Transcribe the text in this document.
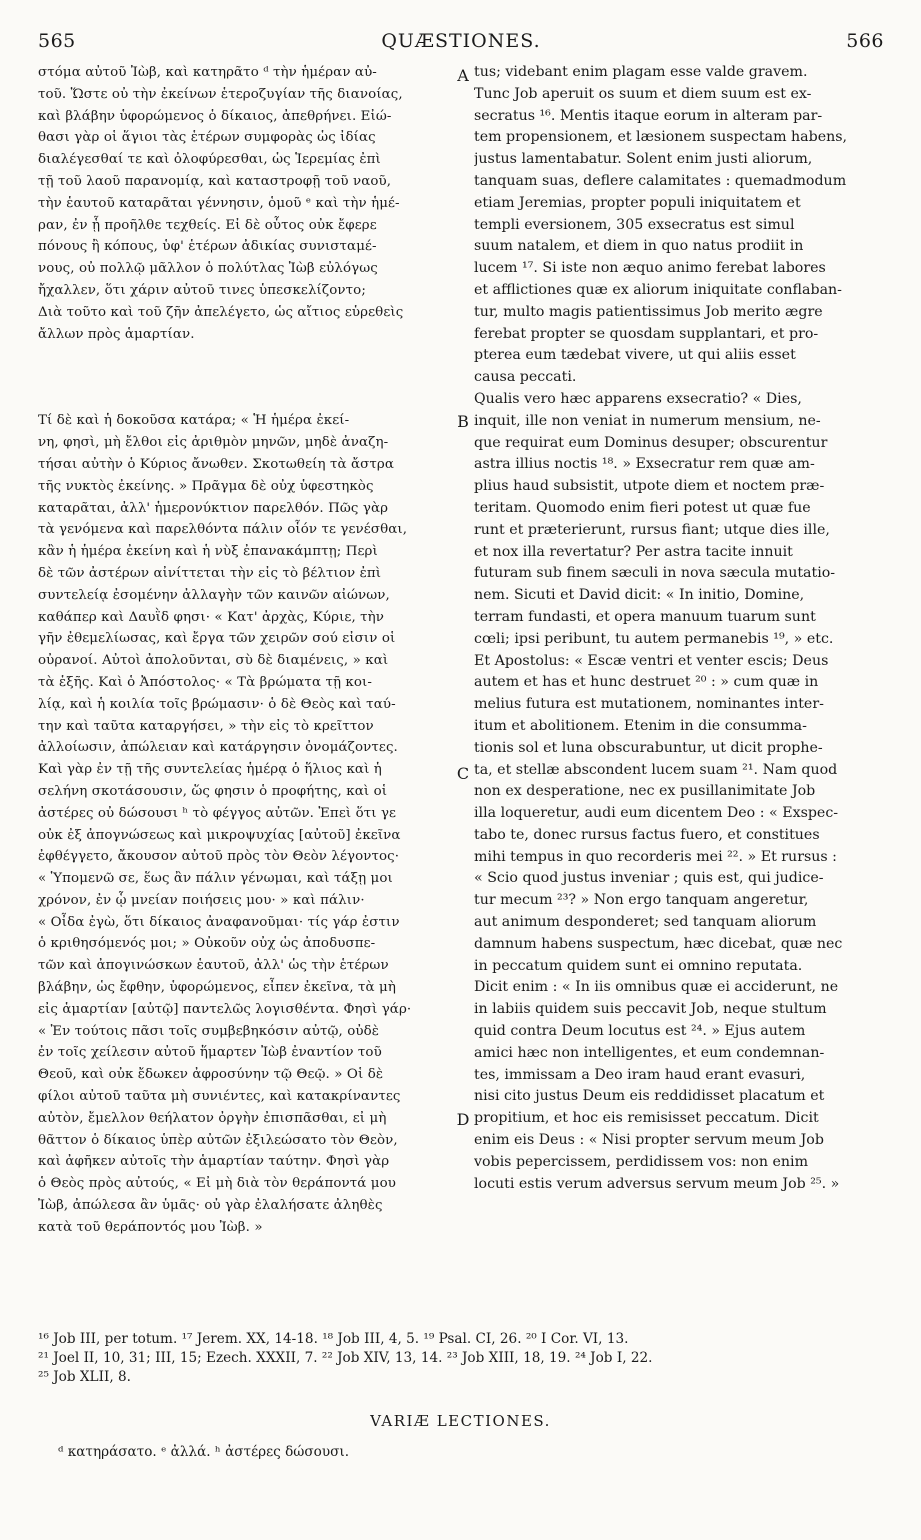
565	QUÆSTIONES.	566
στόμα αὐτοῦ Ἰὼβ, καὶ κατηρᾶτο ᵈ τὴν ἡμέραν αὐ-
τοῦ. Ὥστε οὐ τὴν ἐκείνων ἑτεροζυγίαν τῆς διανοίας,
καὶ βλάβην ὑφορώμενος ὁ δίκαιος, ἀπεθρήνει. Εἰώ-
θασι γὰρ οἱ ἅγιοι τὰς ἑτέρων συμφορὰς ὡς ἰδίας
διαλέγεσθαί τε καὶ ὀλοφύρεσθαι, ὡς Ἱερεμίας ἐπὶ
τῇ τοῦ λαοῦ παρανομίᾳ, καὶ καταστροφῇ τοῦ ναοῦ,
τὴν ἑαυτοῦ καταρᾶται γέννησιν, ὁμοῦ ᵉ καὶ τὴν ἡμέ-
ραν, ἐν ᾗ προῆλθε τεχθείς. Εἰ δὲ οὗτος οὐκ ἔφερε
πόνους ἢ κόπους, ὑφ' ἑτέρων ἀδικίας συνισταμέ-
νους, οὐ πολλῷ μᾶλλον ὁ πολύτλας Ἰὼβ εὐλόγως
ἤχαλλεν, ὅτι χάριν αὐτοῦ τινες ὑπεσκελίζοντο;
Διὰ τοῦτο καὶ τοῦ ζῆν ἀπελέγετο, ὡς αἴτιος εὑρεθεὶς
ἄλλων πρὸς ἁμαρτίαν.
Τί δὲ καὶ ἡ δοκοῦσα κατάρα; « Ἡ ἡμέρα ἐκεί-
νη, φησὶ, μὴ ἔλθοι εἰς ἀριθμὸν μηνῶν, μηδὲ ἀναζη-
τήσαι αὐτὴν ὁ Κύριος ἄνωθεν. Σκοτωθείη τὰ ἄστρα
τῆς νυκτὸς ἐκείνης. » Πρᾶγμα δὲ οὐχ ὑφεστηκὸς
καταρᾶται, ἀλλ' ἡμερονύκτιον παρελθόν. Πῶς γὰρ
τὰ γενόμενα καὶ παρελθόντα πάλιν οἷόν τε γενέσθαι,
κἂν ἡ ἡμέρα ἐκείνη καὶ ἡ νὺξ ἐπανακάμπτῃ; Περὶ
δὲ τῶν ἀστέρων αἰνίττεται τὴν εἰς τὸ βέλτιον ἐπὶ
συντελείᾳ ἐσομένην ἀλλαγὴν τῶν καινῶν αἰώνων,
καθάπερ καὶ Δαυῒδ φησι· « Κατ' ἀρχὰς, Κύριε, τὴν
γῆν ἐθεμελίωσας, καὶ ἔργα τῶν χειρῶν σού εἰσιν οἱ
οὐρανοί. Αὐτοὶ ἀπολοῦνται, σὺ δὲ διαμένεις, » καὶ
τὰ ἑξῆς. Καὶ ὁ Ἀπόστολος· « Τὰ βρώματα τῇ κοι-
λίᾳ, καὶ ἡ κοιλία τοῖς βρώμασιν· ὁ δὲ Θεὸς καὶ ταύ-
την καὶ ταῦτα καταργήσει, » τὴν εἰς τὸ κρεῖττον
ἀλλοίωσιν, ἀπώλειαν καὶ κατάργησιν ὀνομάζοντες.
Καὶ γὰρ ἐν τῇ τῆς συντελείας ἡμέρᾳ ὁ ἥλιος καὶ ἡ
σελήνη σκοτάσουσιν, ὥς φησιν ὁ προφήτης, καὶ οἱ
ἀστέρες οὐ δώσουσι ʰ τὸ φέγγος αὐτῶν. Ἐπεὶ ὅτι γε
οὐκ ἐξ ἀπογνώσεως καὶ μικροψυχίας [αὐτοῦ] ἐκεῖνα
ἐφθέγγετο, ἄκουσον αὐτοῦ πρὸς τὸν Θεὸν λέγοντος·
« Ὑπομενῶ σε, ἕως ἂν πάλιν γένωμαι, καὶ τάξῃ μοι
χρόνον, ἐν ᾧ μνείαν ποιήσεις μου· » καὶ πάλιν·
« Οἶδα ἐγὼ, ὅτι δίκαιος ἀναφανοῦμαι· τίς γάρ ἐστιν
ὁ κριθησόμενός μοι; » Οὐκοῦν οὐχ ὡς ἀποδυσπε-
τῶν καὶ ἀπογινώσκων ἑαυτοῦ, ἀλλ' ὡς τὴν ἑτέρων
βλάβην, ὡς ἔφθην, ὑφορώμενος, εἶπεν ἐκεῖνα, τὰ μὴ
εἰς ἁμαρτίαν [αὐτῷ] παντελῶς λογισθέντα. Φησὶ γάρ·
« Ἐν τούτοις πᾶσι τοῖς συμβεβηκόσιν αὐτῷ, οὐδὲ
ἐν τοῖς χείλεσιν αὐτοῦ ἥμαρτεν Ἰὼβ ἐναντίον τοῦ
Θεοῦ, καὶ οὐκ ἔδωκεν ἀφροσύνην τῷ Θεῷ. » Οἱ δὲ
φίλοι αὐτοῦ ταῦτα μὴ συνιέντες, καὶ κατακρίναντες
αὐτὸν, ἔμελλον θεήλατον ὀργὴν ἐπισπᾶσθαι, εἰ μὴ
θᾶττον ὁ δίκαιος ὑπὲρ αὐτῶν ἐξιλεώσατο τὸν Θεὸν,
καὶ ἀφῆκεν αὐτοῖς τὴν ἁμαρτίαν ταύτην. Φησὶ γὰρ
ὁ Θεὸς πρὸς αὐτούς, « Εἰ μὴ διὰ τὸν θεράποντά μου
Ἰὼβ, ἀπώλεσα ἂν ὑμᾶς· οὐ γὰρ ἐλαλήσατε ἀληθὲς
κατὰ τοῦ θεράποντός μου Ἰὼβ. »
tus; videbant enim plagam esse valde gravem.
Tunc Job aperuit os suum et diem suum est ex-
secratus ¹⁶. Mentis itaque eorum in alteram par-
tem propensionem, et læsionem suspectam habens,
justus lamentabatur. Solent enim justi aliorum,
tanquam suas, deflere calamitates : quemadmodum
etiam Jeremias, propter populi iniquitatem et
templi eversionem, 305 exsecratus est simul
suum natalem, et diem in quo natus prodiit in
lucem ¹⁷. Si iste non æquo animo ferebat labores
et afflictiones quæ ex aliorum iniquitate conflaban-
tur, multo magis patientissimus Job merito ægre
ferebat propter se quosdam supplantari, et pro-
pterea eum tædebat vivere, ut qui aliis esset
causa peccati.
Qualis vero hæc apparens exsecratio? « Dies,
inquit, ille non veniat in numerum mensium, ne-
que requirat eum Dominus desuper; obscurentur
astra illius noctis ¹⁸. » Exsecratur rem quæ am-
plius haud subsistit, utpote diem et noctem præ-
teritam. Quomodo enim fieri potest ut quæ fue
runt et præterierunt, rursus fiant; utque dies ille,
et nox illa revertatur? Per astra tacite innuit
futuram sub finem sæculi in nova sæcula mutatio-
nem. Sicuti et David dicit: « In initio, Domine,
terram fundasti, et opera manuum tuarum sunt
cœli; ipsi peribunt, tu autem permanebis ¹⁹, » etc.
Et Apostolus: « Escæ ventri et venter escis; Deus
autem et has et hunc destruet ²⁰ : » cum quæ in
melius futura est mutationem, nominantes inter-
itum et abolitionem. Etenim in die consumma-
tionis sol et luna obscurabuntur, ut dicit prophe-
ta, et stellæ abscondent lucem suam ²¹. Nam quod
non ex desperatione, nec ex pusillanimitate Job
illa loqueretur, audi eum dicentem Deo : « Exspec-
tabo te, donec rursus factus fuero, et constitues
mihi tempus in quo recorderis mei ²². » Et rursus :
« Scio quod justus inveniar ; quis est, qui judice-
tur mecum ²³? » Non ergo tanquam angeretur,
aut animum desponderet; sed tanquam aliorum
damnum habens suspectum, hæc dicebat, quæ nec
in peccatum quidem sunt ei omnino reputata.
Dicit enim : « In iis omnibus quæ ei acciderunt, ne
in labiis quidem suis peccavit Job, neque stultum
quid contra Deum locutus est ²⁴. » Ejus autem
amici hæc non intelligentes, et eum condemnan-
tes, immissam a Deo iram haud erant evasuri,
nisi cito justus Deum eis reddidisset placatum et
propitium, et hoc eis remisisset peccatum. Dicit
enim eis Deus : « Nisi propter servum meum Job
vobis pepercissem, perdidissem vos: non enim
locuti estis verum adversus servum meum Job ²⁵. »
A
B
C
D
¹⁶ Job III, per totum. ¹⁷ Jerem. XX, 14-18. ¹⁸ Job III, 4, 5. ¹⁹ Psal. CI, 26. ²⁰ I Cor. VI, 13.
²¹ Joel II, 10, 31; III, 15; Ezech. XXXII, 7. ²² Job XIV, 13, 14. ²³ Job XIII, 18, 19. ²⁴ Job I, 22.
²⁵ Job XLII, 8.
VARIÆ LECTIONES.
ᵈ κατηράσατο. ᵉ ἀλλά. ʰ ἀστέρες δώσουσι.
